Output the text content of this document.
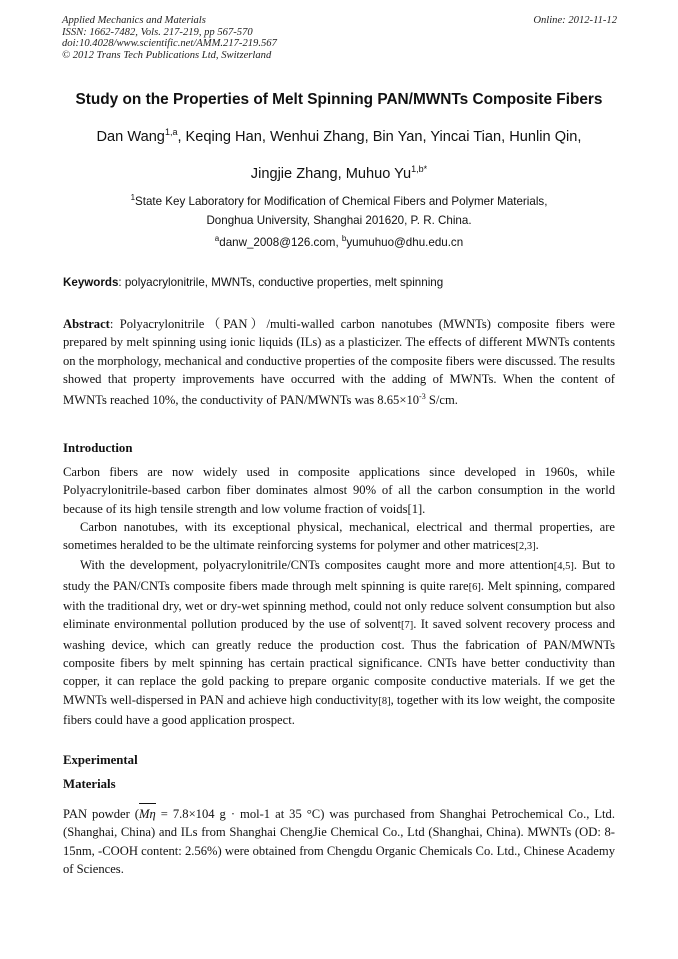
Applied Mechanics and Materials
ISSN: 1662-7482, Vols. 217-219, pp 567-570
doi:10.4028/www.scientific.net/AMM.217-219.567
© 2012 Trans Tech Publications Ltd, Switzerland
Online: 2012-11-12
Study on the Properties of Melt Spinning PAN/MWNTs Composite Fibers
Dan Wang$^{1,a}$, Keqing Han, Wenhui Zhang, Bin Yan, Yincai Tian, Hunlin Qin,
Jingjie Zhang, Muhuo $Yu^{1,b*}$
$^1$State Key Laboratory for Modification of Chemical Fibers and Polymer Materials,
Donghua University, Shanghai 201620, P. R. China.
$^a$danw_2008@126.com, $^b$yumuhuo@dhu.edu.cn
Keywords: polyacrylonitrile, MWNTs, conductive properties, melt spinning

Abstract: Polyacrylonitrile（PAN）/multi-walled carbon nanotubes (MWNTs) composite fibers were prepared by melt spinning using ionic liquids (ILs) as a plasticizer. The effects of different MWNTs contents on the morphology, mechanical and conductive properties of the composite fibers were discussed. The results showed that property improvements have occurred with the adding of MWNTs. When the content of MWNTs reached 10%, the conductivity of PAN/MWNTs was $8.65\times 10^{-3}$ S/cm.

Introduction

Carbon fibers are now widely used in composite applications since developed in 1960s, while Polyacrylonitrile-based carbon fiber dominates almost 90% of all the carbon consumption in the world because of its high tensile strength and low volume fraction of voids[1].

Carbon nanotubes, with its exceptional physical, mechanical, electrical and thermal properties, are sometimes heralded to be the ultimate reinforcing systems for polymer and other matrices[2,3].

With the development, polyacrylonitrile/CNTs composites caught more and more attention[4,5]. But to study the PAN/CNTs composite fibers made through melt spinning is quite rare[6]. Melt spinning, compared with the traditional dry, wet or dry-wet spinning method, could not only reduce solvent consumption but also eliminate environmental pollution produced by the use of solvent[7]. It saved solvent recovery process and washing device, which can greatly reduce the production cost. Thus the fabrication of PAN/MWNTs composite fibers by melt spinning has certain practical significance. CNTs have better conductivity than copper, it can replace the gold packing to prepare organic composite conductive materials. If we get the MWNTs well-dispersed in PAN and achieve high conductivity[8], together with its low weight, the composite fibers could have a good application prospect.

Experimental
Materials

PAN powder (
Mη = 7.8×104 g · mol-1 at 35 °C) was purchased from Shanghai Petrochemical Co., Ltd. (Shanghai, China) and ILs from Shanghai ChengJie Chemical Co., Ltd (Shanghai, China). MWNTs (OD: 8-15nm, -COOH content: 2.56%) were obtained from Chengdu Organic Chemicals Co. Ltd., Chinese Academy of Sciences.
